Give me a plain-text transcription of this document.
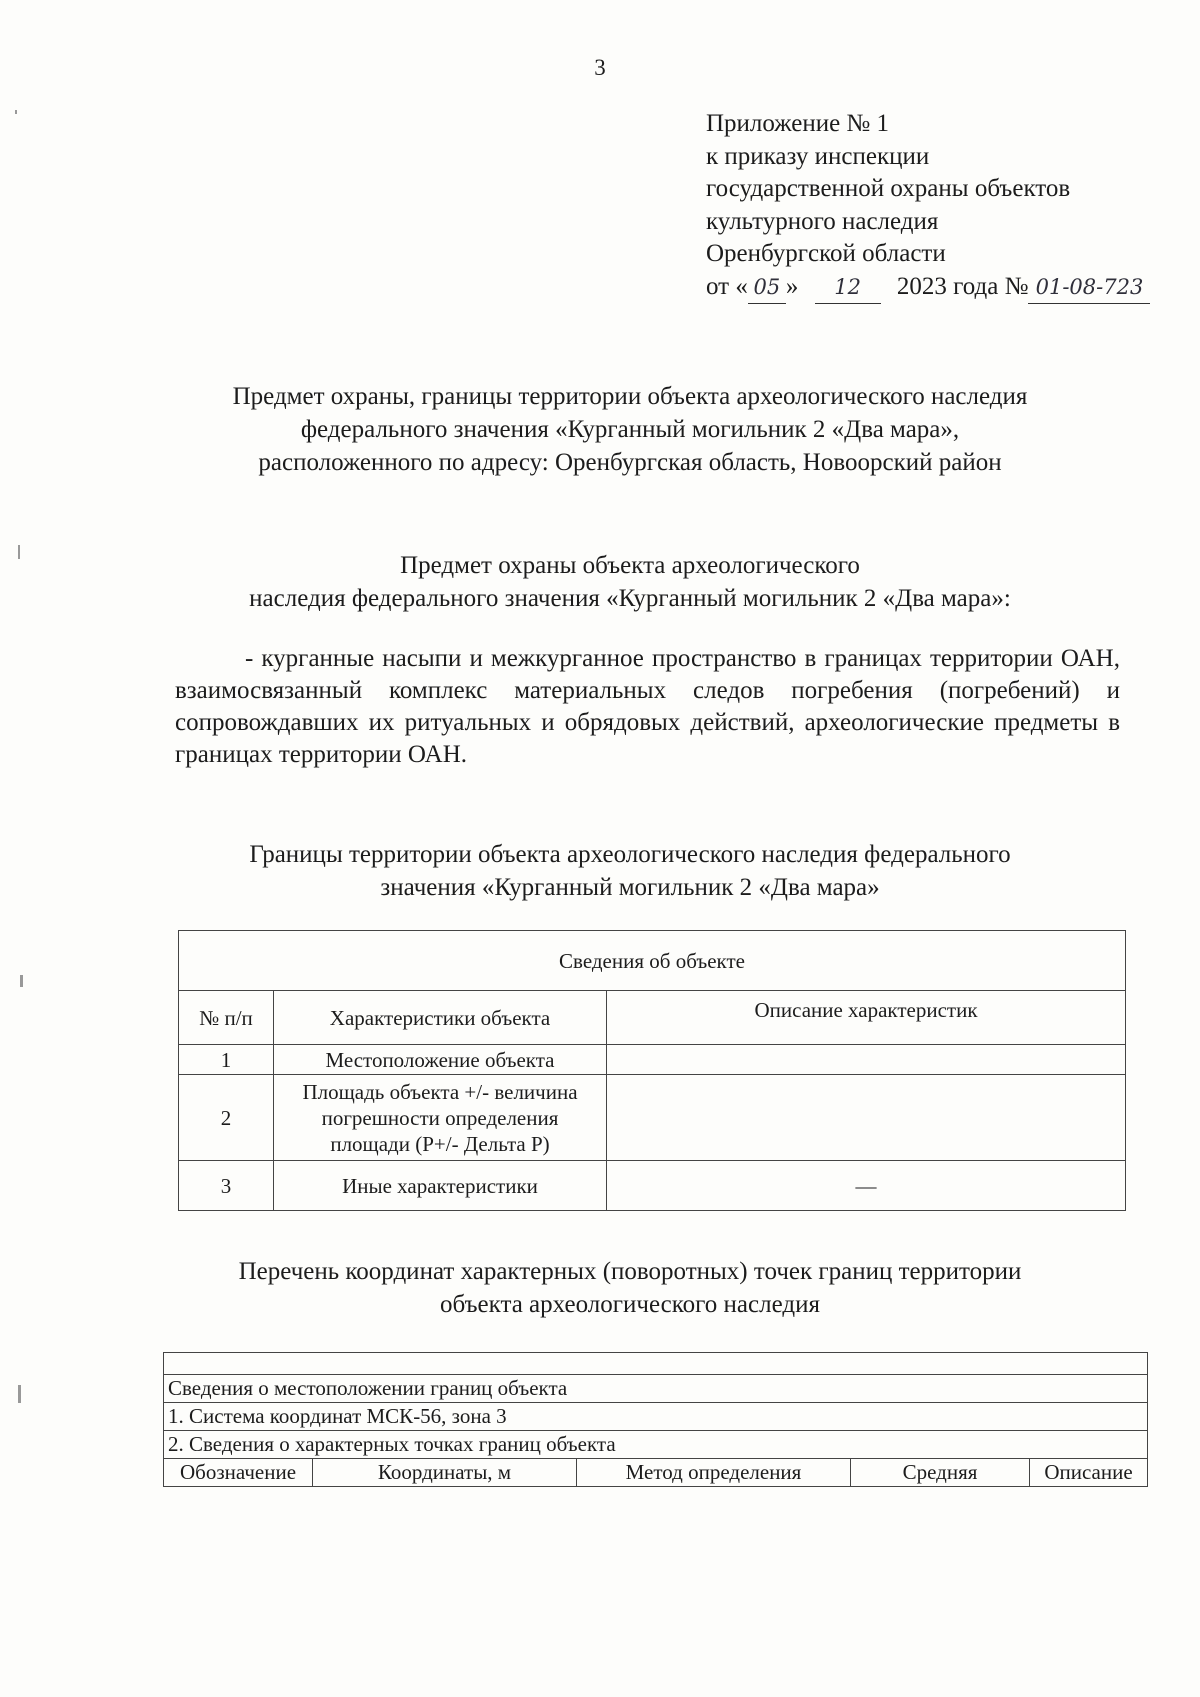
3
Приложение № 1
к приказу инспекции
государственной охраны объектов
культурного наследия
Оренбургской области
от « 05 » 12 2023 года № 01-08-723
Предмет охраны, границы территории объекта археологического наследия
федерального значения «Курганный могильник 2 «Два мара»,
расположенного по адресу: Оренбургская область, Новоорский район
Предмет охраны объекта археологического
наследия федерального значения «Курганный могильник 2 «Два мара»:
- курганные насыпи и межкурганное пространство в границах территории ОАН, взаимосвязанный комплекс материальных следов погребения (погребений) и сопровождавших их ритуальных и обрядовых действий, археологические предметы в границах территории ОАН.
Границы территории объекта археологического наследия федерального
значения «Курганный могильник 2 «Два мара»
Сведения об объекте		
№ п/п	Характеристики объекта	Описание характеристик
1	Местоположение объекта	
2	Площадь объекта +/- величина погрешности определения площади (P+/- Дельта P)	
3	Иные характеристики	—
Перечень координат характерных (поворотных) точек границ территории
объекта археологического наследия

Сведения о местоположении границ объекта
1. Система координат МСК-56, зона 3
2. Сведения о характерных точках границ объекта
Обозначение	Координаты, м	Метод определения	Средняя	Описание
